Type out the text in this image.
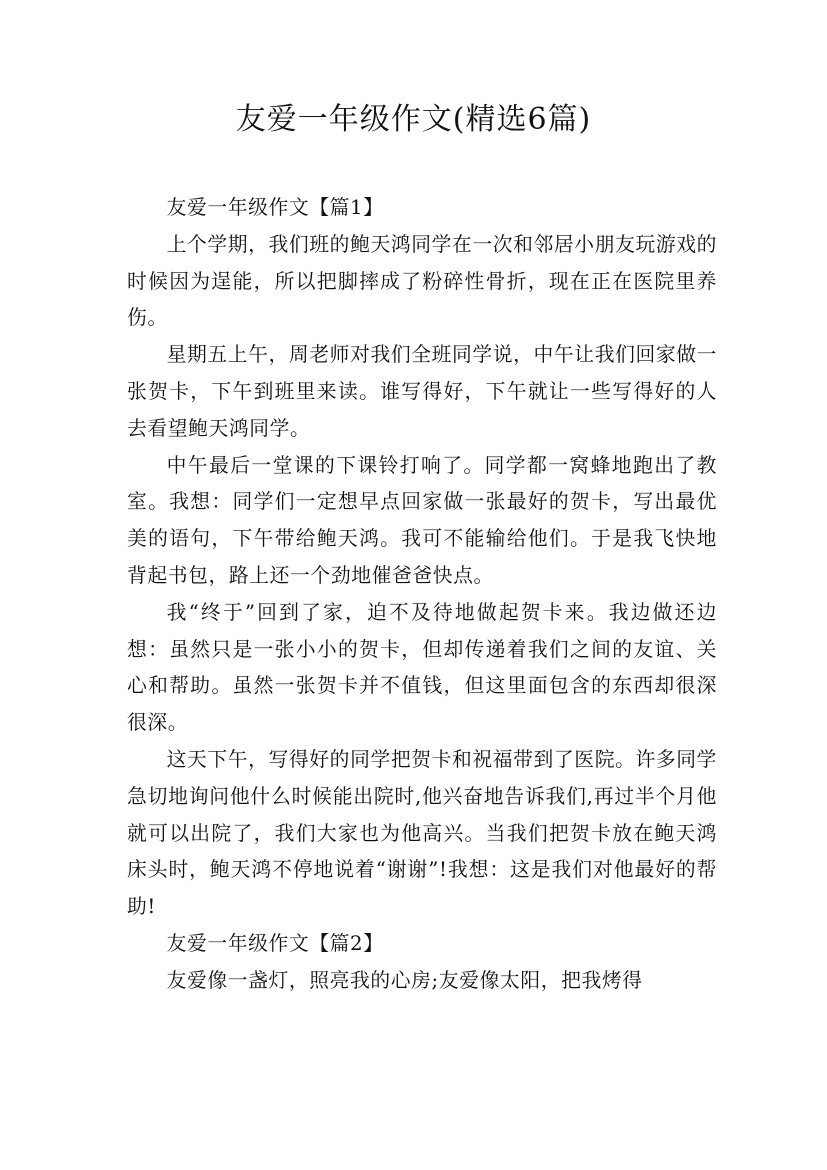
友爱一年级作文(精选6篇)

友爱一年级作文【篇1】

上个学期，我们班的鲍天鸿同学在一次和邻居小朋友玩游戏的时候因为逞能，所以把脚摔成了粉碎性骨折，现在正在医院里养伤。

星期五上午，周老师对我们全班同学说，中午让我们回家做一张贺卡，下午到班里来读。谁写得好，下午就让一些写得好的人去看望鲍天鸿同学。

中午最后一堂课的下课铃打响了。同学都一窝蜂地跑出了教室。我想：同学们一定想早点回家做一张最好的贺卡，写出最优美的语句，下午带给鲍天鸿。我可不能输给他们。于是我飞快地背起书包，路上还一个劲地催爸爸快点。

我“终于”回到了家，迫不及待地做起贺卡来。我边做还边想：虽然只是一张小小的贺卡，但却传递着我们之间的友谊、关心和帮助。虽然一张贺卡并不值钱，但这里面包含的东西却很深很深。

这天下午，写得好的同学把贺卡和祝福带到了医院。许多同学急切地询问他什么时候能出院时,他兴奋地告诉我们,再过半个月他就可以出院了，我们大家也为他高兴。当我们把贺卡放在鲍天鸿床头时，鲍天鸿不停地说着“谢谢”!我想：这是我们对他最好的帮助!

友爱一年级作文【篇2】

友爱像一盏灯，照亮我的心房;友爱像太阳，把我烤得
